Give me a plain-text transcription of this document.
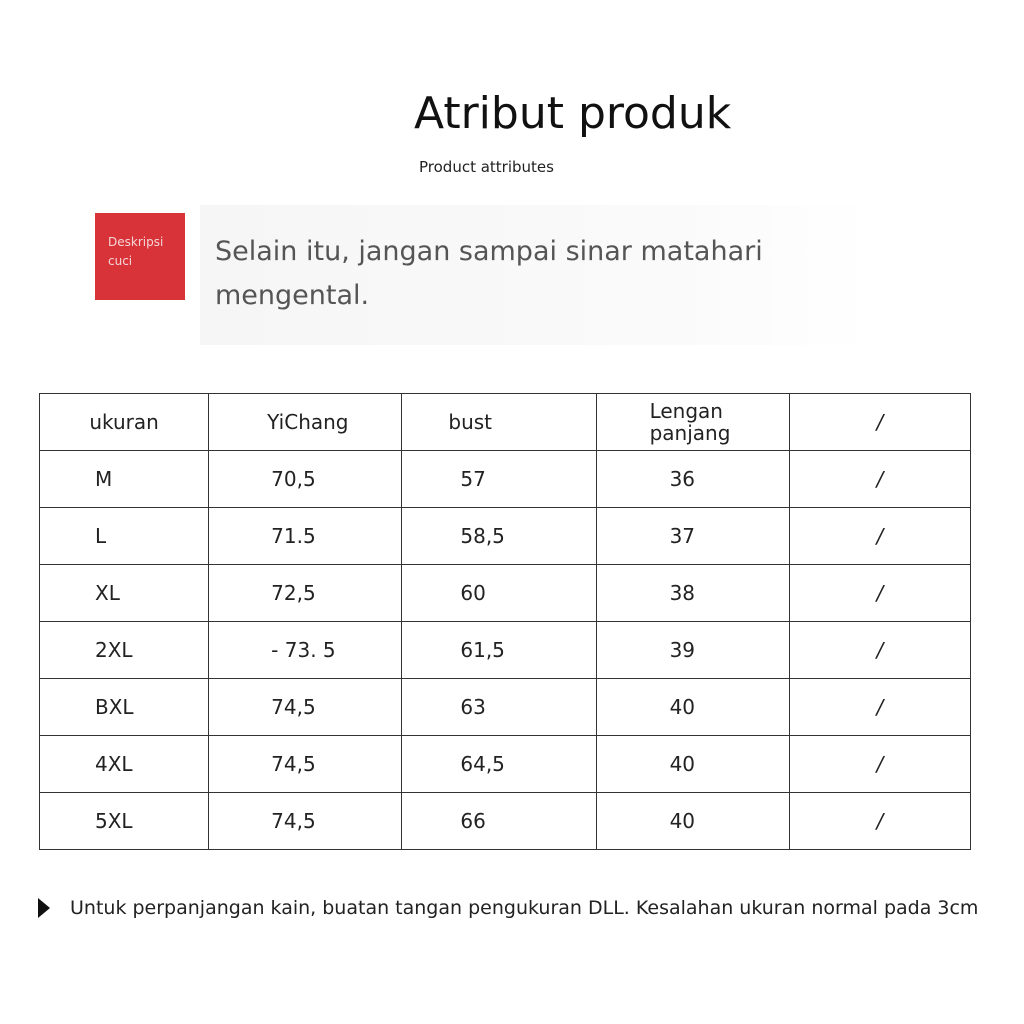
Atribut produk
Product attributes
Deskripsi
cuci	Selain itu, jangan sampai sinar matahari mengental.
ukuran	YiChang	bust	Lengan panjang	/
M	70,5	57	36	/
L	71.5	58,5	37	/
XL	72,5	60	38	/
2XL	- 73. 5	61,5	39	/
BXL	74,5	63	40	/
4XL	74,5	64,5	40	/
5XL	74,5	66	40	/
Untuk perpanjangan kain, buatan tangan pengukuran DLL. Kesalahan ukuran normal pada 3cm
